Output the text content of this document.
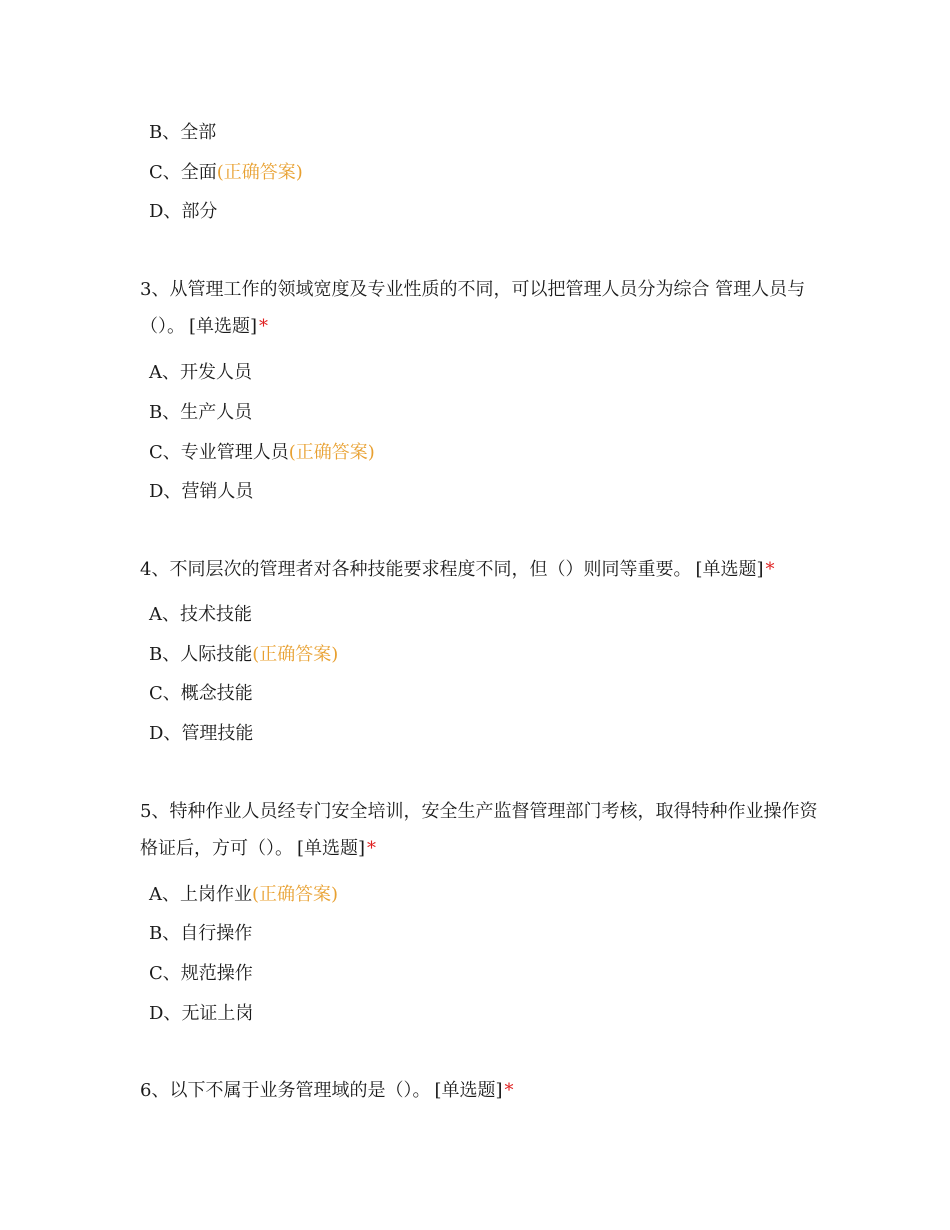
B、全部
C、全面(正确答案)
D、部分

3、从管理工作的领域宽度及专业性质的不同，可以把管理人员分为综合 管理人员与（）。 [单选题] *

A、开发人员
B、生产人员
C、专业管理人员(正确答案)
D、营销人员

4、不同层次的管理者对各种技能要求程度不同，但（）则同等重要。 [单选题] *

A、技术技能
B、人际技能(正确答案)
C、概念技能
D、管理技能

5、特种作业人员经专门安全培训，安全生产监督管理部门考核，取得特种作业操作资格证后，方可（）。 [单选题] *

A、上岗作业(正确答案)
B、自行操作
C、规范操作
D、无证上岗

6、以下不属于业务管理域的是（）。 [单选题] *
